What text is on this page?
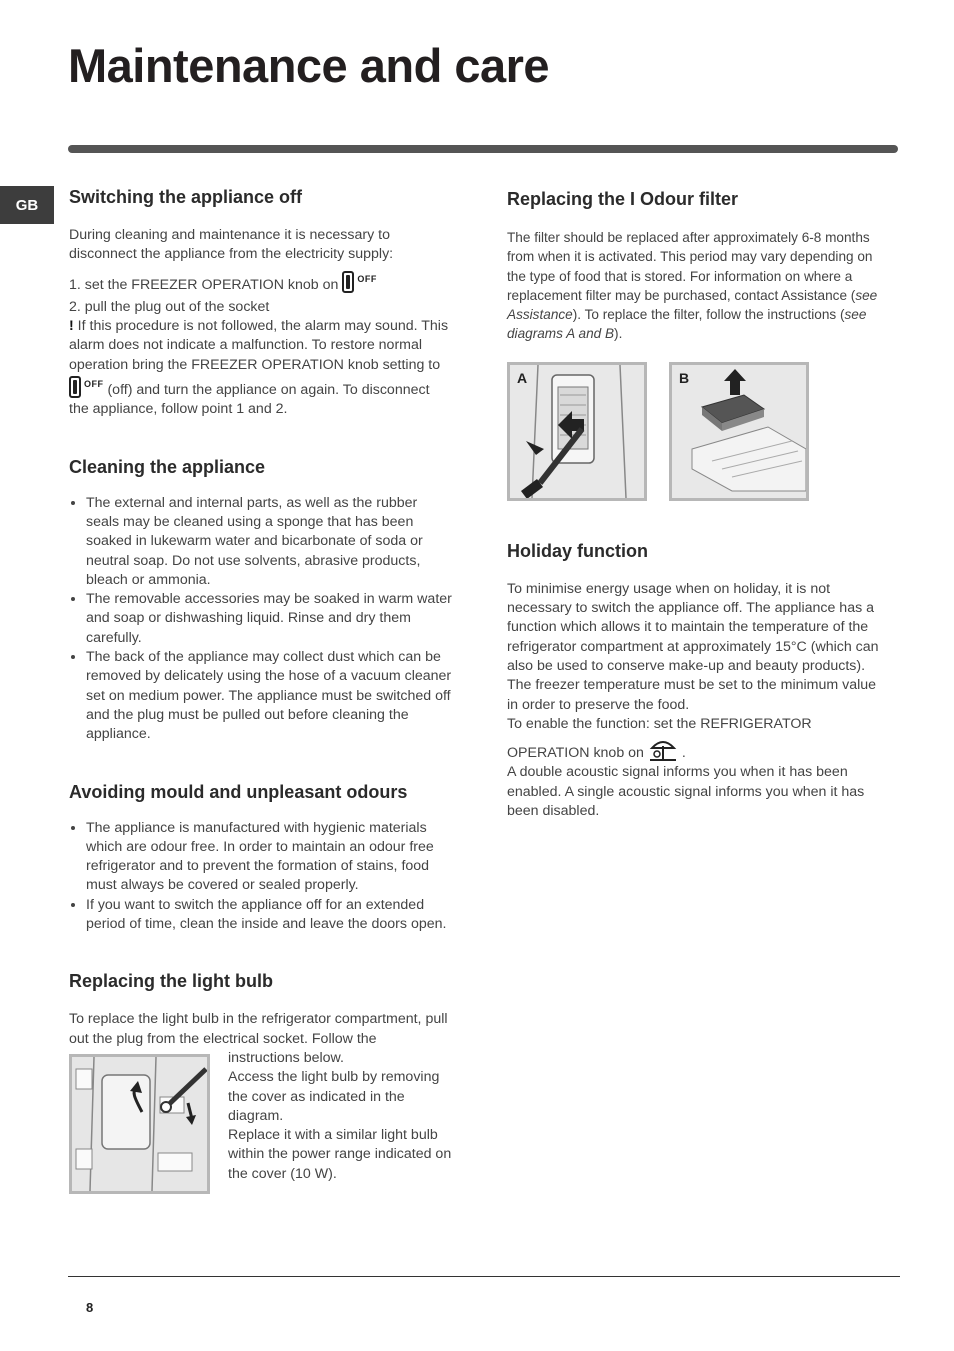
Maintenance and care
GB	Switching the appliance off

During cleaning and maintenance it is necessary to disconnect the appliance from the electricity supply:

1. set the FREEZER OPERATION knob on $^{OFF}$

2. pull the plug out of the socket

! If this procedure is not followed, the alarm may sound. This alarm does not indicate a malfunction. To restore normal operation bring the FREEZER OPERATION knob setting to $^{OFF}$ (off) and turn the appliance on again. To disconnect the appliance, follow point 1 and 2.

Cleaning the appliance
• The external and internal parts, as well as the rubber seals may be cleaned using a sponge that has been soaked in lukewarm water and bicarbonate of soda or neutral soap. Do not use solvents, abrasive products, bleach or ammonia.
• The removable accessories may be soaked in warm water and soap or dishwashing liquid. Rinse and dry them carefully.
• The back of the appliance may collect dust which can be removed by delicately using the hose of a vacuum cleaner set on medium power. The appliance must be switched off and the plug must be pulled out before cleaning the appliance.
Avoiding mould and unpleasant odours
• The appliance is manufactured with hygienic materials which are odour free. In order to maintain an odour free refrigerator and to prevent the formation of stains, food must always be covered or sealed properly.
• If you want to switch the appliance off for an extended period of time, clean the inside and leave the doors open.
Replacing the light bulb

To replace the light bulb in the refrigerator compartment, pull out the plug from the electrical socket. Follow the

instructions below.

Access the light bulb by removing the cover as indicated in the diagram.

Replace it with a similar light bulb within the power range indicated on the cover (10 W).

Replacing the I Odour filter

The filter should be replaced after approximately 6-8 months from when it is activated. This period may vary depending on the type of food that is stored. For information on where a replacement filter may be purchased, contact Assistance (see Assistance). To replace the filter, follow the instructions (see diagrams A and B).

A	B
Holiday function

To minimise energy usage when on holiday, it is not necessary to switch the appliance off. The appliance has a function which allows it to maintain the temperature of the refrigerator compartment at approximately 15°C (which can also be used to conserve make-up and beauty products). The freezer temperature must be set to the minimum value in order to preserve the food.

To enable the function: set the REFRIGERATOR

OPERATION knob on	.

A double acoustic signal informs you when it has been enabled. A single acoustic signal informs you when it has been disabled.

8
